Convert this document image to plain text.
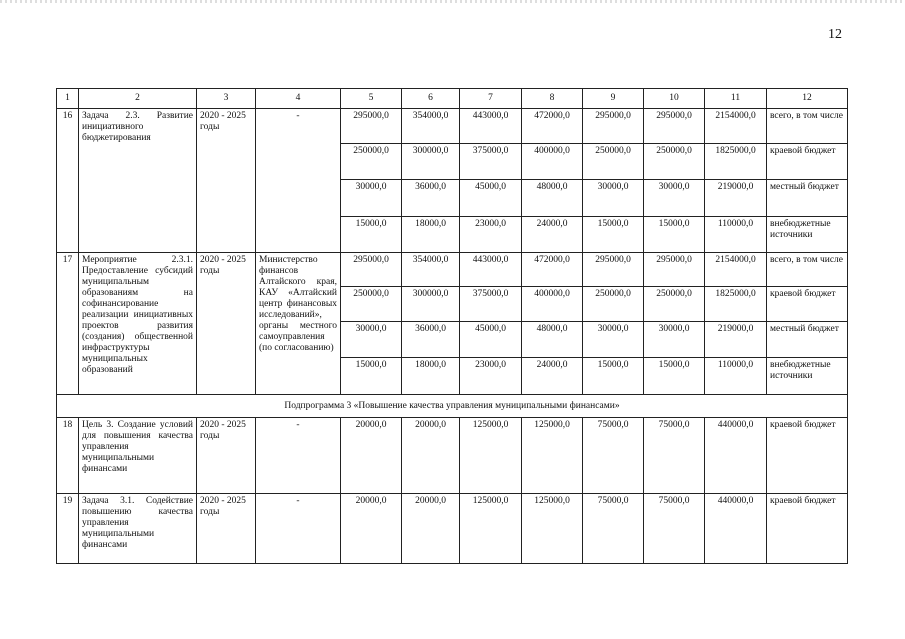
12
1	2	3	4	5	6	7	8	9	10	11	12
16	Задача 2.3. Развитие инициативного бюджетирования	2020 - 2025 годы	-	295000,0	354000,0	443000,0	472000,0	295000,0	295000,0	2154000,0	всего, в том числе
				250000,0	300000,0	375000,0	400000,0	250000,0	250000,0	1825000,0	краевой бюджет
				30000,0	36000,0	45000,0	48000,0	30000,0	30000,0	219000,0	местный бюджет
				15000,0	18000,0	23000,0	24000,0	15000,0	15000,0	110000,0	внебюджетные источники
17	Мероприятие 2.3.1. Предоставление субсидий муниципальным образованиям на софинансирование реализации инициативных проектов развития (создания) общественной инфраструктуры муниципальных образований	2020 - 2025 годы	Министерство финансов Алтайского края, КАУ «Алтайский центр финансовых исследований», органы местного самоуправления (по согласованию)	295000,0	354000,0	443000,0	472000,0	295000,0	295000,0	2154000,0	всего, в том числе
				250000,0	300000,0	375000,0	400000,0	250000,0	250000,0	1825000,0	краевой бюджет
				30000,0	36000,0	45000,0	48000,0	30000,0	30000,0	219000,0	местный бюджет
				15000,0	18000,0	23000,0	24000,0	15000,0	15000,0	110000,0	внебюджетные источники
Подпрограмма 3 «Повышение качества управления муниципальными финансами»											
18	Цель 3. Создание условий для повышения качества управления муниципальными финансами	2020 - 2025 годы	-	20000,0	20000,0	125000,0	125000,0	75000,0	75000,0	440000,0	краевой бюджет
19	Задача 3.1. Содействие повышению качества управления муниципальными финансами	2020 - 2025 годы	-	20000,0	20000,0	125000,0	125000,0	75000,0	75000,0	440000,0	краевой бюджет
